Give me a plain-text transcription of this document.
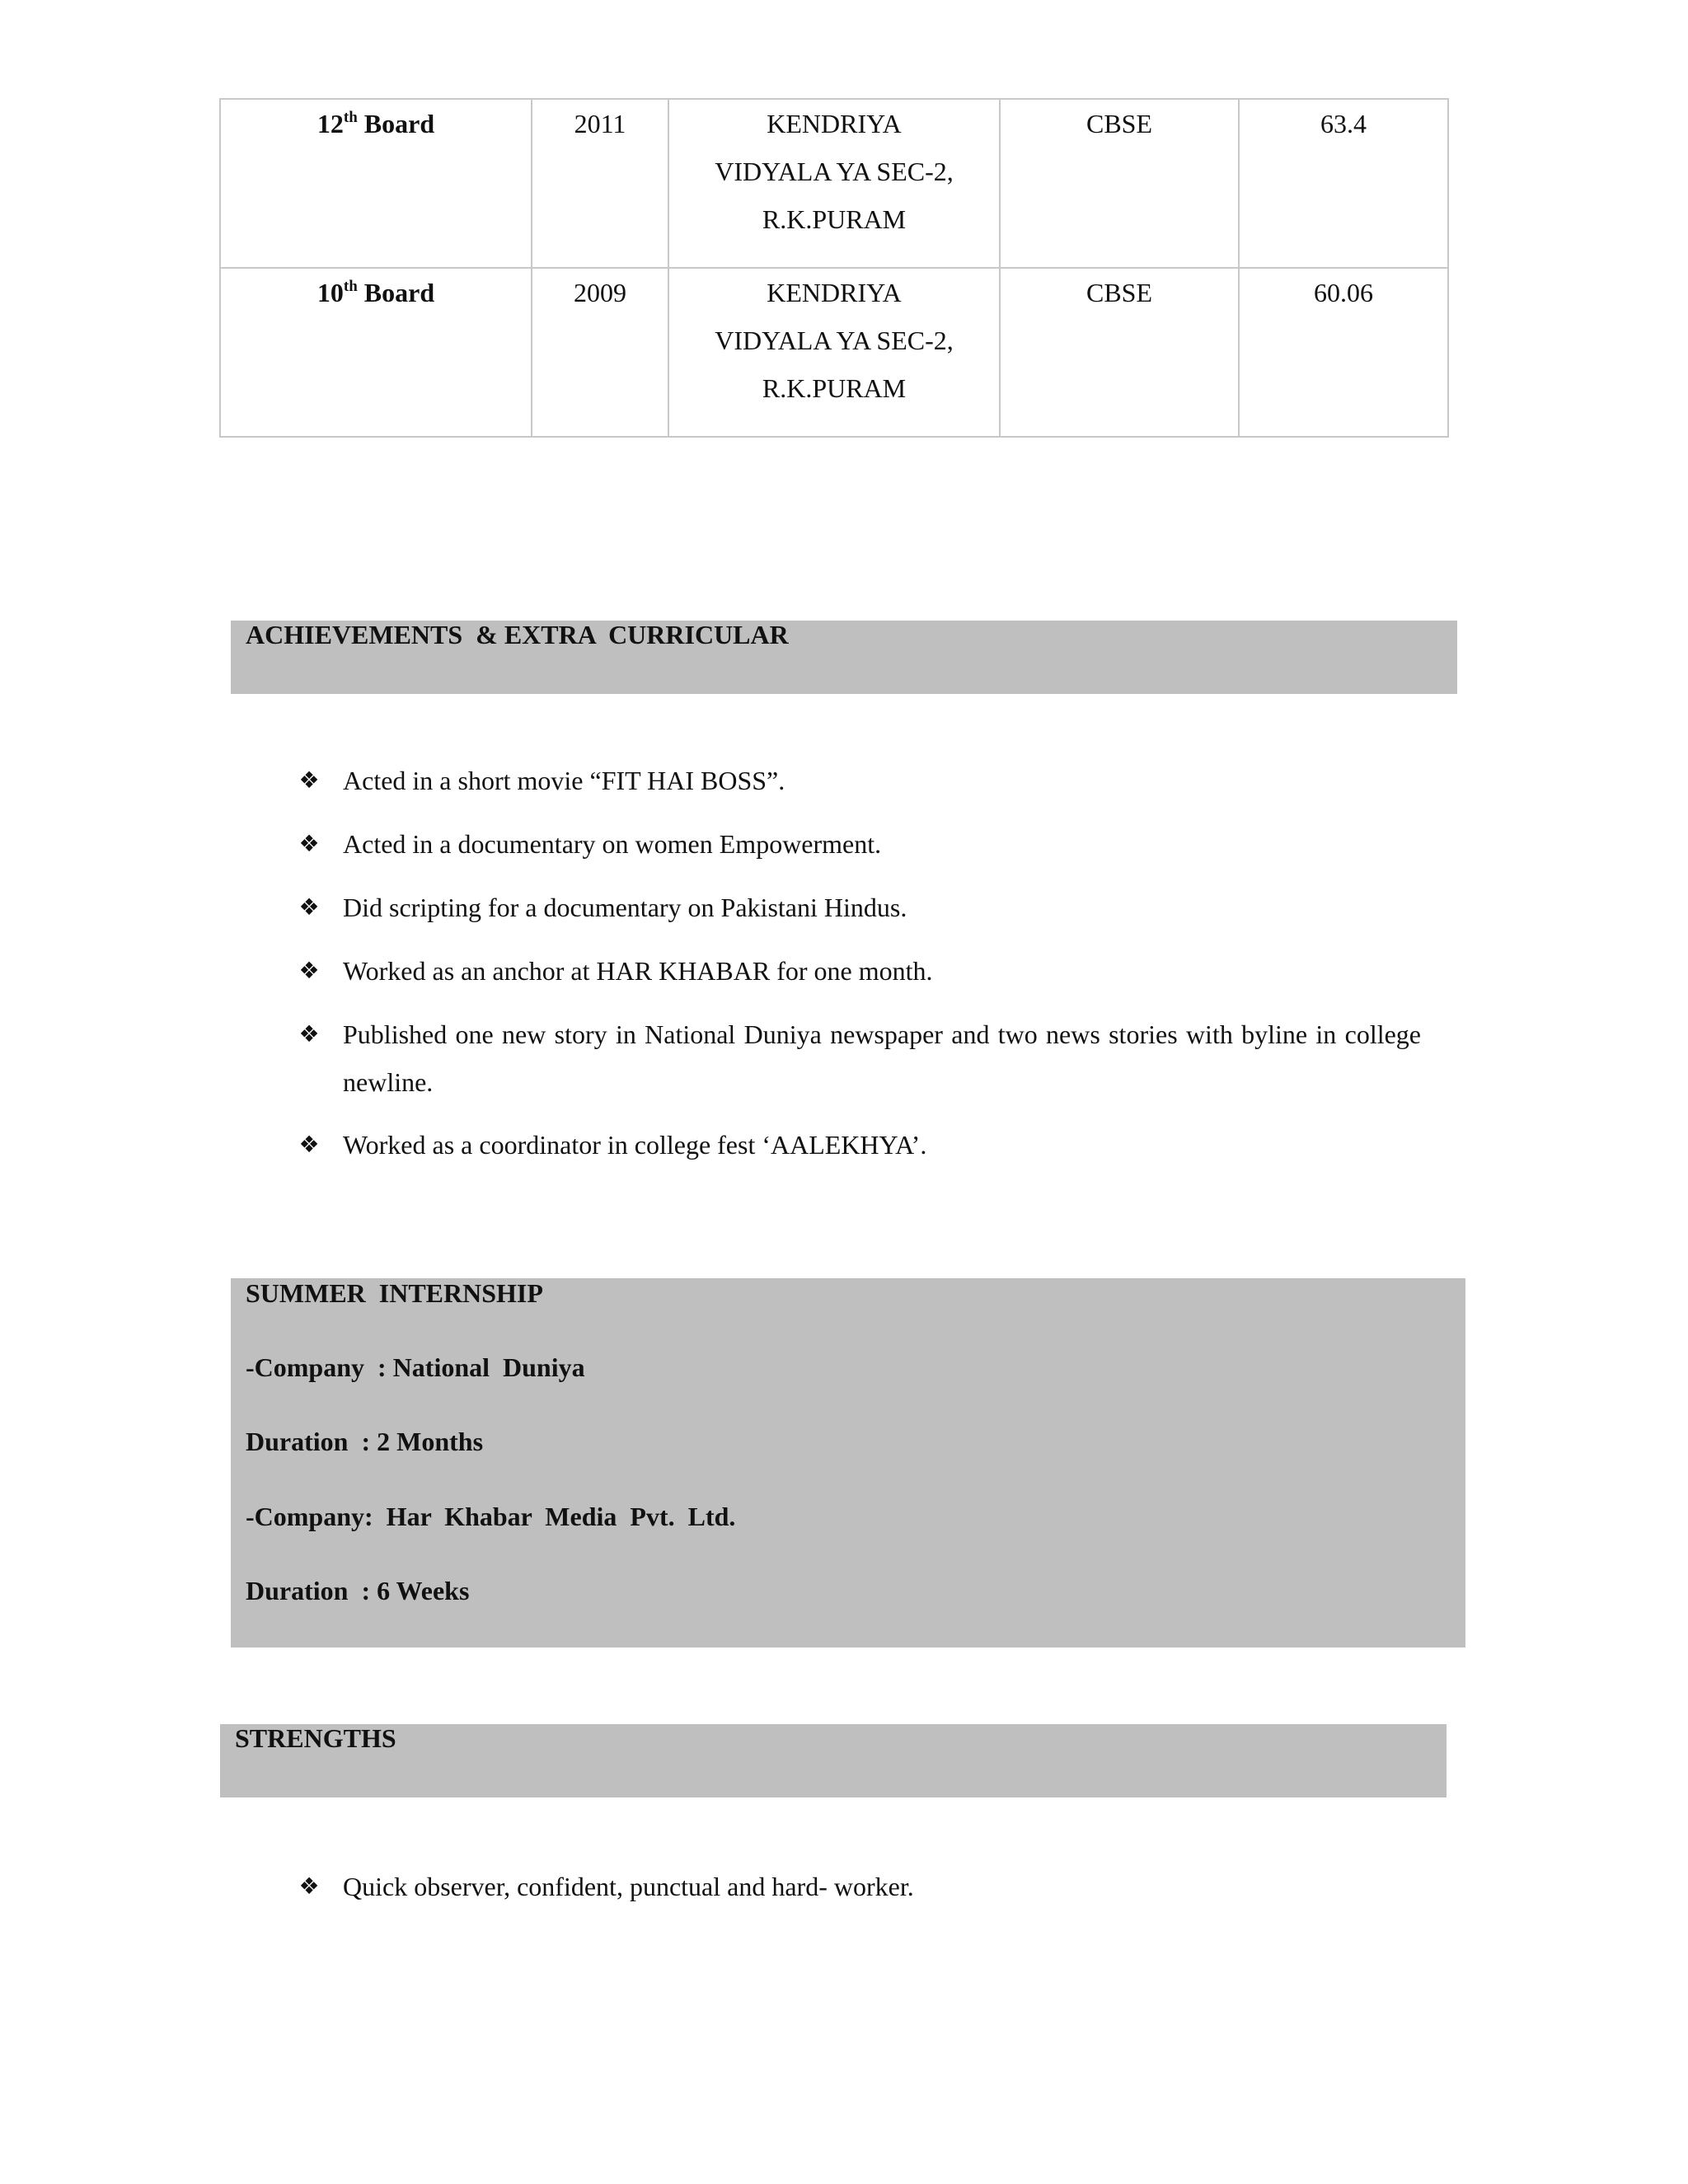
12th Board	2011	KENDRIYA
VIDYALA YA SEC-2,
R.K.PURAM	CBSE	63.4
10th Board	2009	KENDRIYA
VIDYALA YA SEC-2,
R.K.PURAM	CBSE	60.06
ACHIEVEMENTS  & EXTRA  CURRICULAR
❖ Acted in a short movie “FIT HAI BOSS”.
❖ Acted in a documentary on women Empowerment.
❖ Did scripting for a documentary on Pakistani Hindus.
❖ Worked as an anchor at HAR KHABAR for one month.
❖ Published one new story in National Duniya newspaper and two news stories with byline in college newline.
❖ Worked as a coordinator in college fest ‘AALEKHYA’.
SUMMER  INTERNSHIP
-Company  : National  Duniya
Duration  : 2 Months
-Company:  Har  Khabar  Media  Pvt.  Ltd.
Duration  : 6 Weeks
STRENGTHS
❖ Quick observer, confident, punctual and hard- worker.
